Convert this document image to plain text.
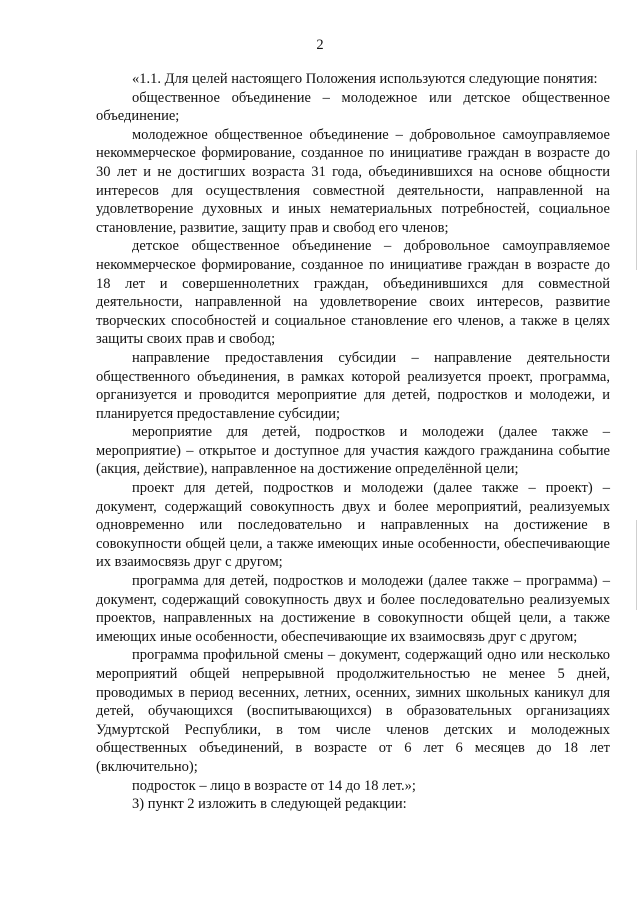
2

«1.1. Для целей настоящего Положения используются следующие понятия:

общественное объединение – молодежное или детское общественное объединение;

молодежное общественное объединение – добровольное самоуправляемое некоммерческое формирование, созданное по инициативе граждан в возрасте до 30 лет и не достигших возраста 31 года, объединившихся на основе общности интересов для осуществления совместной деятельности, направленной на удовлетворение духовных и иных нематериальных потребностей, социальное становление, развитие, защиту прав и свобод его членов;

детское общественное объединение – добровольное самоуправляемое некоммерческое формирование, созданное по инициативе граждан в возрасте до 18 лет и совершеннолетних граждан, объединившихся для совместной деятельности, направленной на удовлетворение своих интересов, развитие творческих способностей и социальное становление его членов, а также в целях защиты своих прав и свобод;

направление предоставления субсидии – направление деятельности общественного объединения, в рамках которой реализуется проект, программа, организуется и проводится мероприятие для детей, подростков и молодежи, и планируется предоставление субсидии;

мероприятие для детей, подростков и молодежи (далее также – мероприятие) – открытое и доступное для участия каждого гражданина событие (акция, действие), направленное на достижение определённой цели;

проект для детей, подростков и молодежи (далее также – проект) – документ, содержащий совокупность двух и более мероприятий, реализуемых одновременно или последовательно и направленных на достижение в совокупности общей цели, а также имеющих иные особенности, обеспечивающие их взаимосвязь друг с другом;

программа для детей, подростков и молодежи (далее также – программа) – документ, содержащий совокупность двух и более последовательно реализуемых проектов, направленных на достижение в совокупности общей цели, а также имеющих иные особенности, обеспечивающие их взаимосвязь друг с другом;

программа профильной смены – документ, содержащий одно или несколько мероприятий общей непрерывной продолжительностью не менее 5 дней, проводимых в период весенних, летних, осенних, зимних школьных каникул для детей, обучающихся (воспитывающихся) в образовательных организациях Удмуртской Республики, в том числе членов детских и молодежных общественных объединений, в возрасте от 6 лет 6 месяцев до 18 лет (включительно);

подросток – лицо в возрасте от 14 до 18 лет.»;

3) пункт 2 изложить в следующей редакции:
